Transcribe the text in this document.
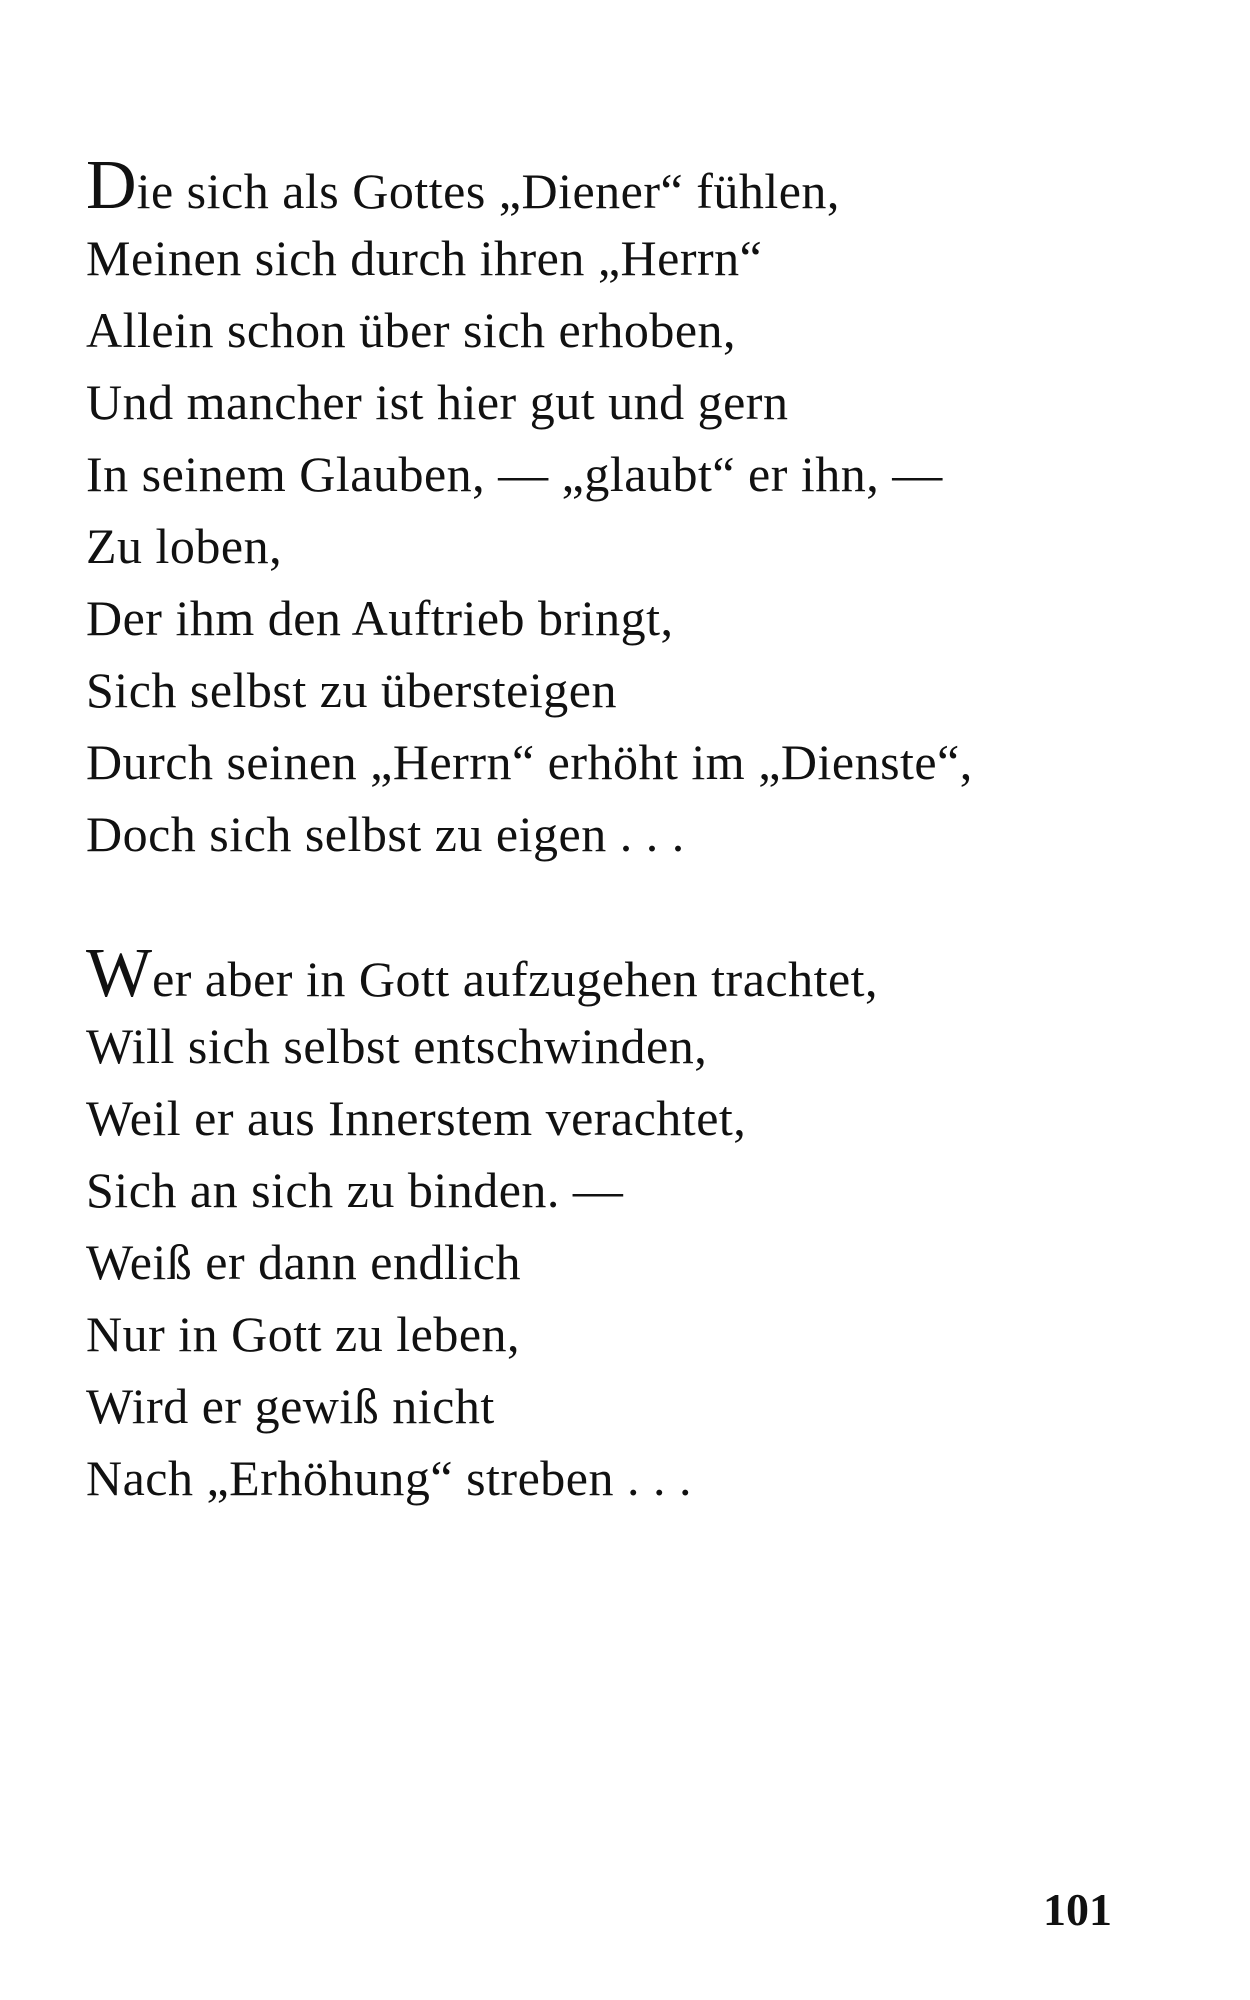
Die sich als Gottes „Diener“ fühlen,
Meinen sich durch ihren „Herrn“
Allein schon über sich erhoben,
Und mancher ist hier gut und gern
In seinem Glauben, — „glaubt“ er ihn, —
Zu loben,
Der ihm den Auftrieb bringt,
Sich selbst zu übersteigen
Durch seinen „Herrn“ erhöht im „Dienste“,
Doch sich selbst zu eigen . . .
Wer aber in Gott aufzugehen trachtet,
Will sich selbst entschwinden,
Weil er aus Innerstem verachtet,
Sich an sich zu binden. —
Weiß er dann endlich
Nur in Gott zu leben,
Wird er gewiß nicht
Nach „Erhöhung“ streben . . .
101
